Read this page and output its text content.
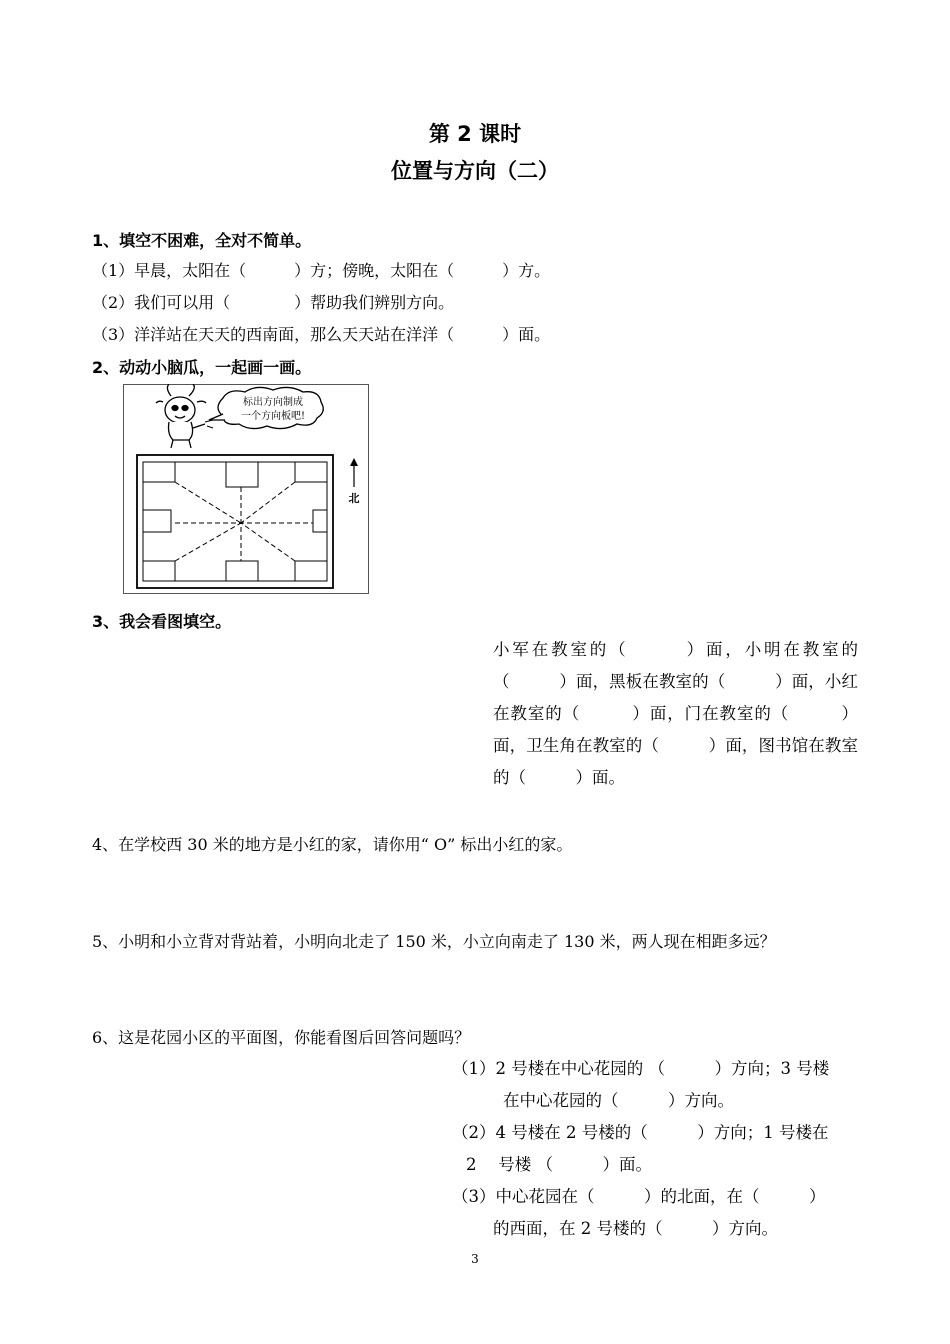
第 2 课时
位置与方向（二）
1、填空不困难，全对不简单。
（1）早晨，太阳在（　　　）方；傍晚，太阳在（　　　）方。
（2）我们可以用（　　　　）帮助我们辨别方向。
（3）洋洋站在天天的西南面，那么天天站在洋洋（　　　）面。
2、动动小脑瓜，一起画一画。
标出方向制成
一个方向板吧!
北
3、我会看图填空。
小军在教室的（　　　）面，小明在教室的（　　　）面，黑板在教室的（　　　）面，小红在教室的（　　　）面，门在教室的（　　　）面，卫生角在教室的（　　　）面，图书馆在教室的（　　　）面。
4、在学校西 30 米的地方是小红的家，请你用“ O” 标出小红的家。
5、小明和小立背对背站着，小明向北走了 150 米，小立向南走了 130 米，两人现在相距多远？
6、这是花园小区的平面图，你能看图后回答问题吗？
（1）2 号楼在中心花园的 （　　　）方向；3 号楼
在中心花园的（　　　）方向。
（2）4 号楼在 2 号楼的（　　　）方向；1 号楼在
2　 号楼 （　　　）面。
（3）中心花园在（　　　）的北面，在（　　　）
的西面，在 2 号楼的（　　　）方向。
3
